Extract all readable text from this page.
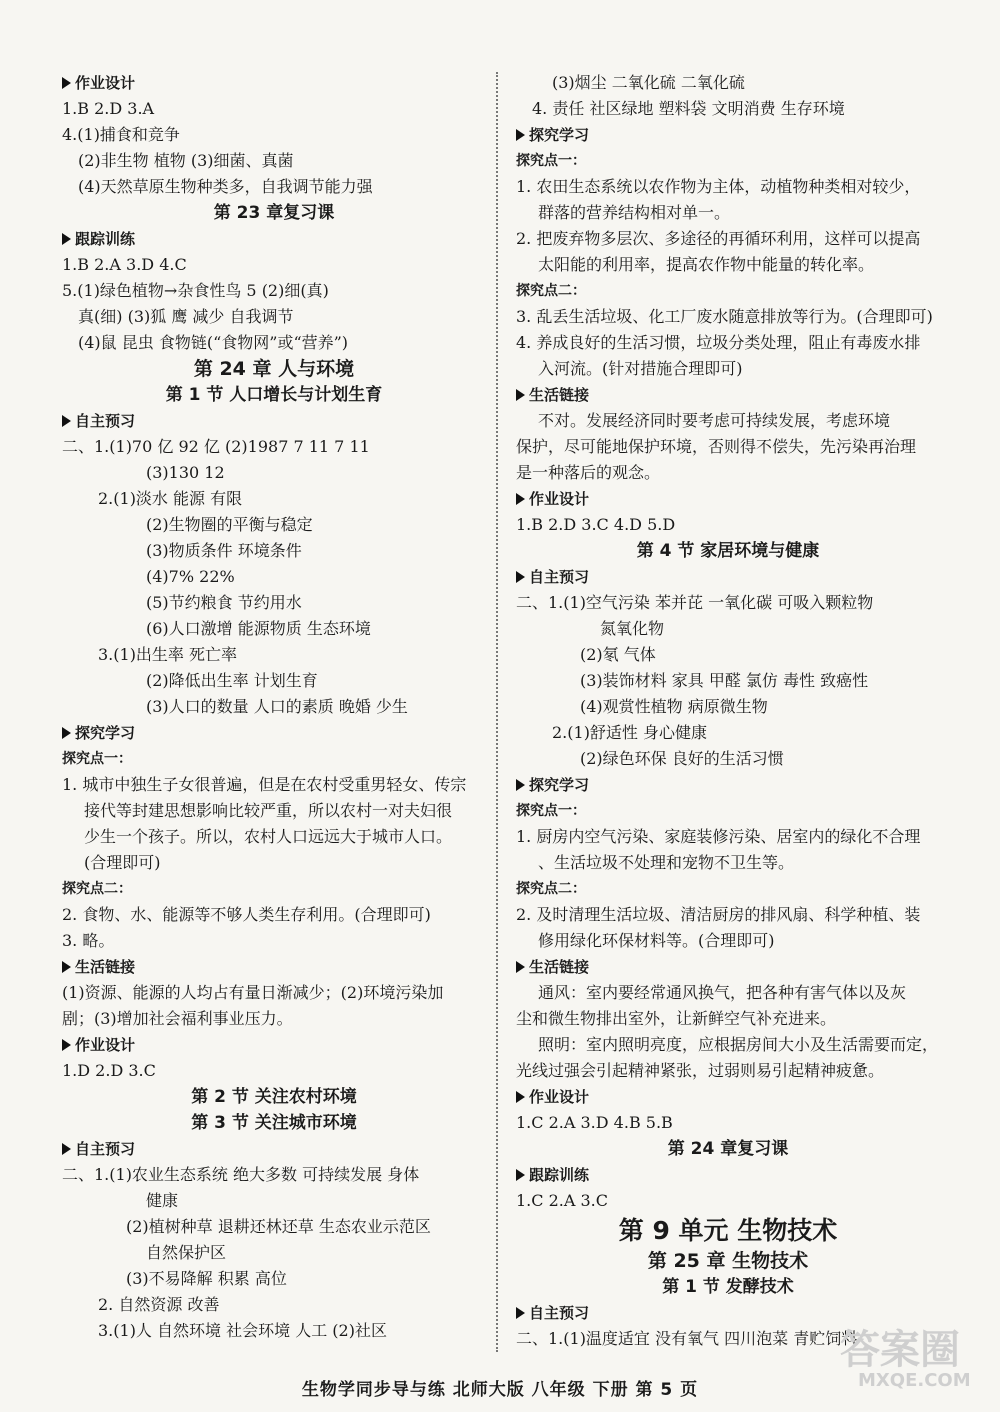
作业设计
1.B 2.D 3.A
4.(1)捕食和竞争
(2)非生物 植物 (3)细菌、真菌
(4)天然草原生物种类多，自我调节能力强
第 23 章复习课
跟踪训练
1.B 2.A 3.D 4.C
5.(1)绿色植物→杂食性鸟 5 (2)细(真)
真(细) (3)狐 鹰 减少 自我调节
(4)鼠 昆虫 食物链(“食物网”或“营养”)
第 24 章 人与环境
第 1 节 人口增长与计划生育
自主预习
二、1.(1)70 亿 92 亿 (2)1987 7 11 7 11
(3)130 12
2.(1)淡水 能源 有限
(2)生物圈的平衡与稳定
(3)物质条件 环境条件
(4)7% 22%
(5)节约粮食 节约用水
(6)人口激增 能源物质 生态环境
3.(1)出生率 死亡率
(2)降低出生率 计划生育
(3)人口的数量 人口的素质 晚婚 少生
探究学习
探究点一：
1. 城市中独生子女很普遍，但是在农村受重男轻女、传宗
接代等封建思想影响比较严重，所以农村一对夫妇很
少生一个孩子。所以，农村人口远远大于城市人口。
(合理即可)
探究点二：
2. 食物、水、能源等不够人类生存利用。(合理即可)
3. 略。
生活链接
(1)资源、能源的人均占有量日渐减少；(2)环境污染加
剧；(3)增加社会福利事业压力。
作业设计
1.D 2.D 3.C
第 2 节 关注农村环境
第 3 节 关注城市环境
自主预习
二、1.(1)农业生态系统 绝大多数 可持续发展 身体
健康
(2)植树种草 退耕还林还草 生态农业示范区
自然保护区
(3)不易降解 积累 高位
2. 自然资源 改善
3.(1)人 自然环境 社会环境 人工 (2)社区
(3)烟尘 二氧化硫 二氧化硫
4. 责任 社区绿地 塑料袋 文明消费 生存环境
探究学习
探究点一：
1. 农田生态系统以农作物为主体，动植物种类相对较少，
群落的营养结构相对单一。
2. 把废弃物多层次、多途径的再循环利用，这样可以提高
太阳能的利用率，提高农作物中能量的转化率。
探究点二：
3. 乱丢生活垃圾、化工厂废水随意排放等行为。(合理即可)
4. 养成良好的生活习惯，垃圾分类处理，阻止有毒废水排
入河流。(针对措施合理即可)
生活链接
不对。发展经济同时要考虑可持续发展，考虑环境
保护，尽可能地保护环境，否则得不偿失，先污染再治理
是一种落后的观念。
作业设计
1.B 2.D 3.C 4.D 5.D
第 4 节 家居环境与健康
自主预习
二、1.(1)空气污染 苯并芘 一氧化碳 可吸入颗粒物
氮氧化物
(2)氡 气体
(3)装饰材料 家具 甲醛 氯仿 毒性 致癌性
(4)观赏性植物 病原微生物
2.(1)舒适性 身心健康
(2)绿色环保 良好的生活习惯
探究学习
探究点一：
1. 厨房内空气污染、家庭装修污染、居室内的绿化不合理
、生活垃圾不处理和宠物不卫生等。
探究点二：
2. 及时清理生活垃圾、清洁厨房的排风扇、科学种植、装
修用绿化环保材料等。(合理即可)
生活链接
通风：室内要经常通风换气，把各种有害气体以及灰
尘和微生物排出室外，让新鲜空气补充进来。
照明：室内照明亮度，应根据房间大小及生活需要而定，
光线过强会引起精神紧张，过弱则易引起精神疲惫。
作业设计
1.C 2.A 3.D 4.B 5.B
第 24 章复习课
跟踪训练
1.C 2.A 3.C
第 9 单元 生物技术
第 25 章 生物技术
第 1 节 发酵技术
自主预习
二、1.(1)温度适宜 没有氧气 四川泡菜 青贮饲料
生物学同步导与练 北师大版 八年级 下册 第 5 页
答案圈
MXQE.COM
